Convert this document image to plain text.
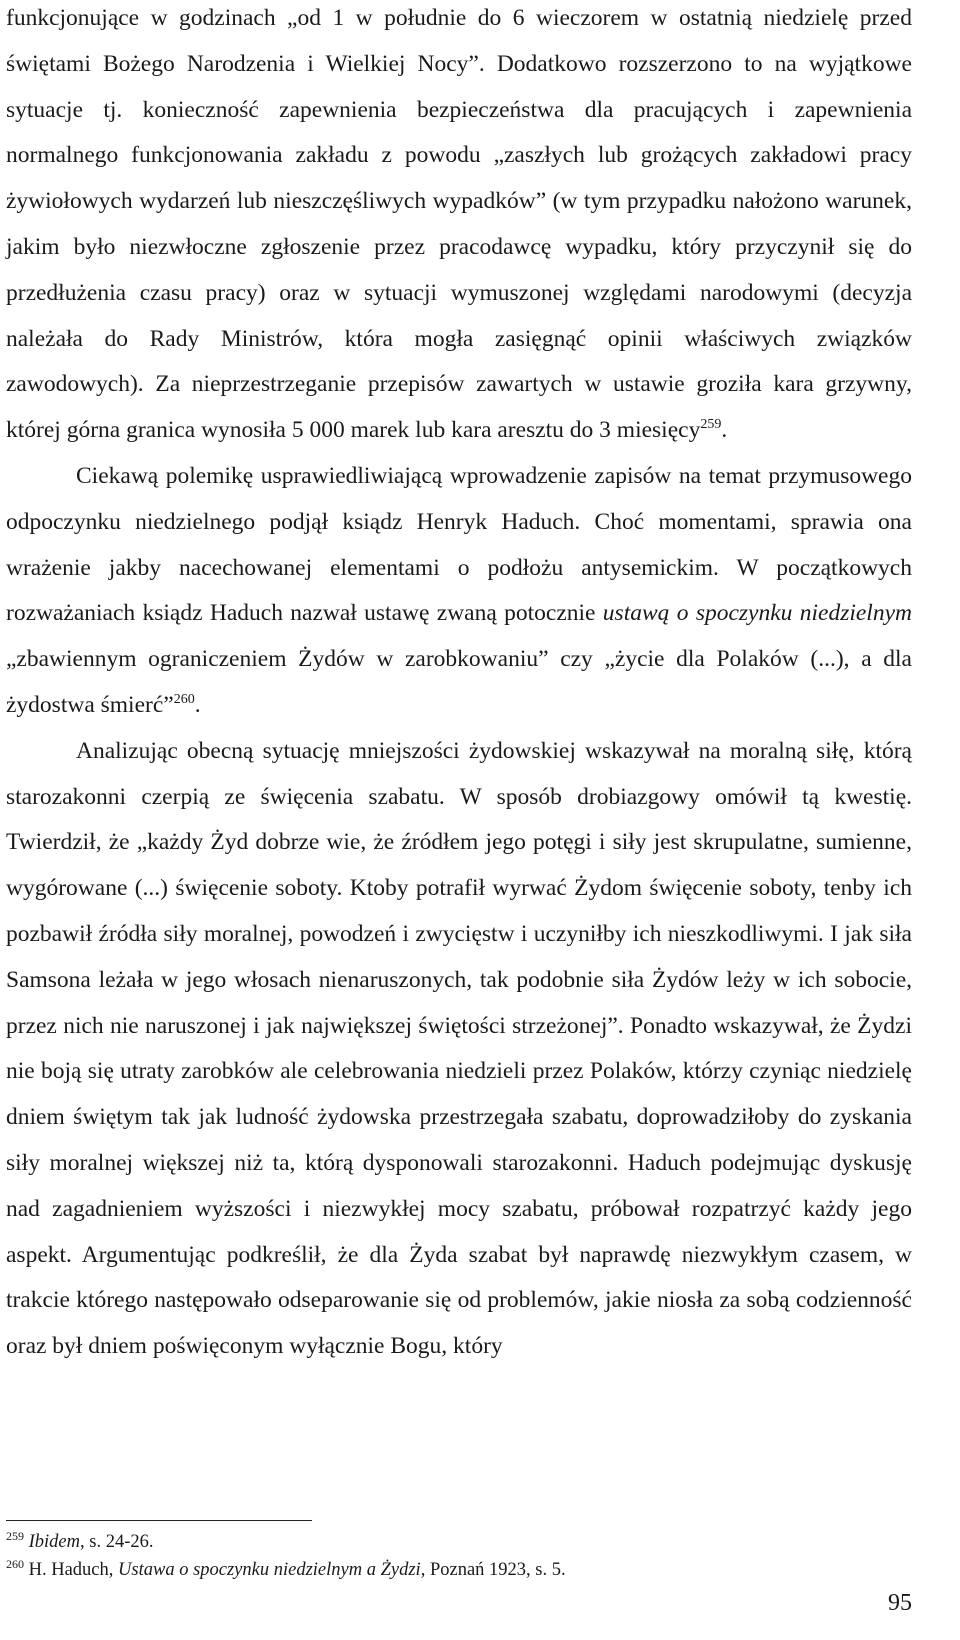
funkcjonujące w godzinach „od 1 w południe do 6 wieczorem w ostatnią niedzielę przed świętami Bożego Narodzenia i Wielkiej Nocy”. Dodatkowo rozszerzono to na wyjątkowe sytuacje tj. konieczność zapewnienia bezpieczeństwa dla pracujących i zapewnienia normalnego funkcjonowania zakładu z powodu „zaszłych lub grożących zakładowi pracy żywiołowych wydarzeń lub nieszczęśliwych wypadków” (w tym przypadku nałożono warunek, jakim było niezwłoczne zgłoszenie przez pracodawcę wypadku, który przyczynił się do przedłużenia czasu pracy) oraz w sytuacji wymuszonej względami narodowymi (decyzja należała do Rady Ministrów, która mogła zasięgnąć opinii właściwych związków zawodowych). Za nieprzestrzeganie przepisów zawartych w ustawie groziła kara grzywny, której górna granica wynosiła 5 000 marek lub kara aresztu do 3 miesięcy$^{259}$.

Ciekawą polemikę usprawiedliwiającą wprowadzenie zapisów na temat przymusowego odpoczynku niedzielnego podjął ksiądz Henryk Haduch. Choć momentami, sprawia ona wrażenie jakby nacechowanej elementami o podłożu antysemickim. W początkowych rozważaniach ksiądz Haduch nazwał ustawę zwaną potocznie ustawą o spoczynku niedzielnym „zbawiennym ograniczeniem Żydów w zarobkowaniu” czy „życie dla Polaków (...), a dla żydostwa śmierć”$^{260}$.

Analizując obecną sytuację mniejszości żydowskiej wskazywał na moralną siłę, którą starozakonni czerpią ze święcenia szabatu. W sposób drobiazgowy omówił tą kwestię. Twierdził, że „każdy Żyd dobrze wie, że źródłem jego potęgi i siły jest skrupulatne, sumienne, wygórowane (...) święcenie soboty. Ktoby potrafił wyrwać Żydom święcenie soboty, tenby ich pozbawił źródła siły moralnej, powodzeń i zwycięstw i uczyniłby ich nieszkodliwymi. I jak siła Samsona leżała w jego włosach nienaruszonych, tak podobnie siła Żydów leży w ich sobocie, przez nich nie naruszonej i jak największej świętości strzeżonej”. Ponadto wskazywał, że Żydzi nie boją się utraty zarobków ale celebrowania niedzieli przez Polaków, którzy czyniąc niedzielę dniem świętym tak jak ludność żydowska przestrzegała szabatu, doprowadziłoby do zyskania siły moralnej większej niż ta, którą dysponowali starozakonni. Haduch podejmując dyskusję nad zagadnieniem wyższości i niezwykłej mocy szabatu, próbował rozpatrzyć każdy jego aspekt. Argumentując podkreślił, że dla Żyda szabat był naprawdę niezwykłym czasem, w trakcie którego następowało odseparowanie się od problemów, jakie niosła za sobą codzienność oraz był dniem poświęconym wyłącznie Bogu, który

$^{259}$ Ibidem, s. 24-26.

$^{260}$ H. Haduch, Ustawa o spoczynku niedzielnym a Żydzi, Poznań 1923, s. 5.

95
